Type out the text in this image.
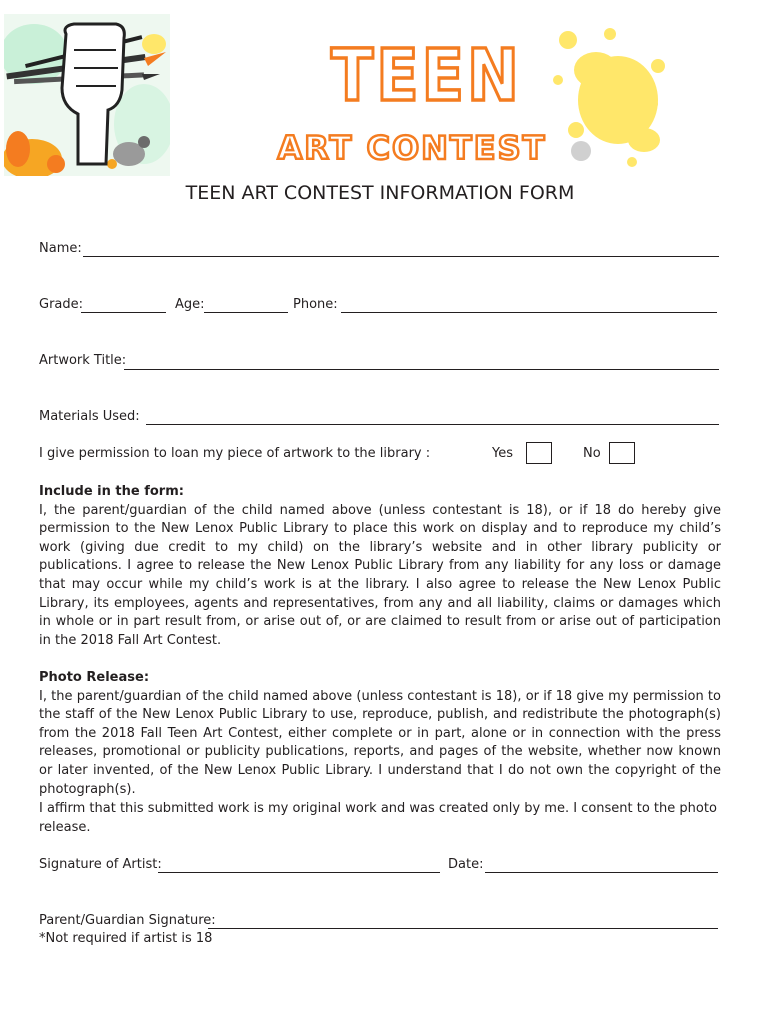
TEEN
ART CONTEST
TEEN ART CONTEST INFORMATION FORM
Name:
Grade:	Age:	Phone:
Artwork Title:
Materials Used:
I give permission to loan my piece of artwork to the library :	Yes	No
Include in the form:
I, the parent/guardian of the child named above (unless contestant is 18), or if 18 do hereby give permission to the New Lenox Public Library to place this work on display and to reproduce my child’s work (giving due credit to my child) on the library’s website and in other library publicity or publications. I agree to release the New Lenox Public Library from any liability for any loss or damage that may occur while my child’s work is at the library. I also agree to release the New Lenox Public Library, its employees, agents and representatives, from any and all liability, claims or damages which in whole or in part result from, or arise out of, or are claimed to result from or arise out of participation in the 2018 Fall Art Contest.
Photo Release:
I, the parent/guardian of the child named above (unless contestant is 18), or if 18 give my permission to the staff of the New Lenox Public Library to use, reproduce, publish, and redistribute the photograph(s) from the 2018 Fall Teen Art Contest, either complete or in part, alone or in connection with the press releases, promotional or publicity publications, reports, and pages of the website, whether now known or later invented, of the New Lenox Public Library. I understand that I do not own the copyright of the photograph(s).
I affirm that this submitted work is my original work and was created only by me. I consent to the photo release.
Signature of Artist:	Date:
Parent/Guardian Signature:
*Not required if artist is 18
